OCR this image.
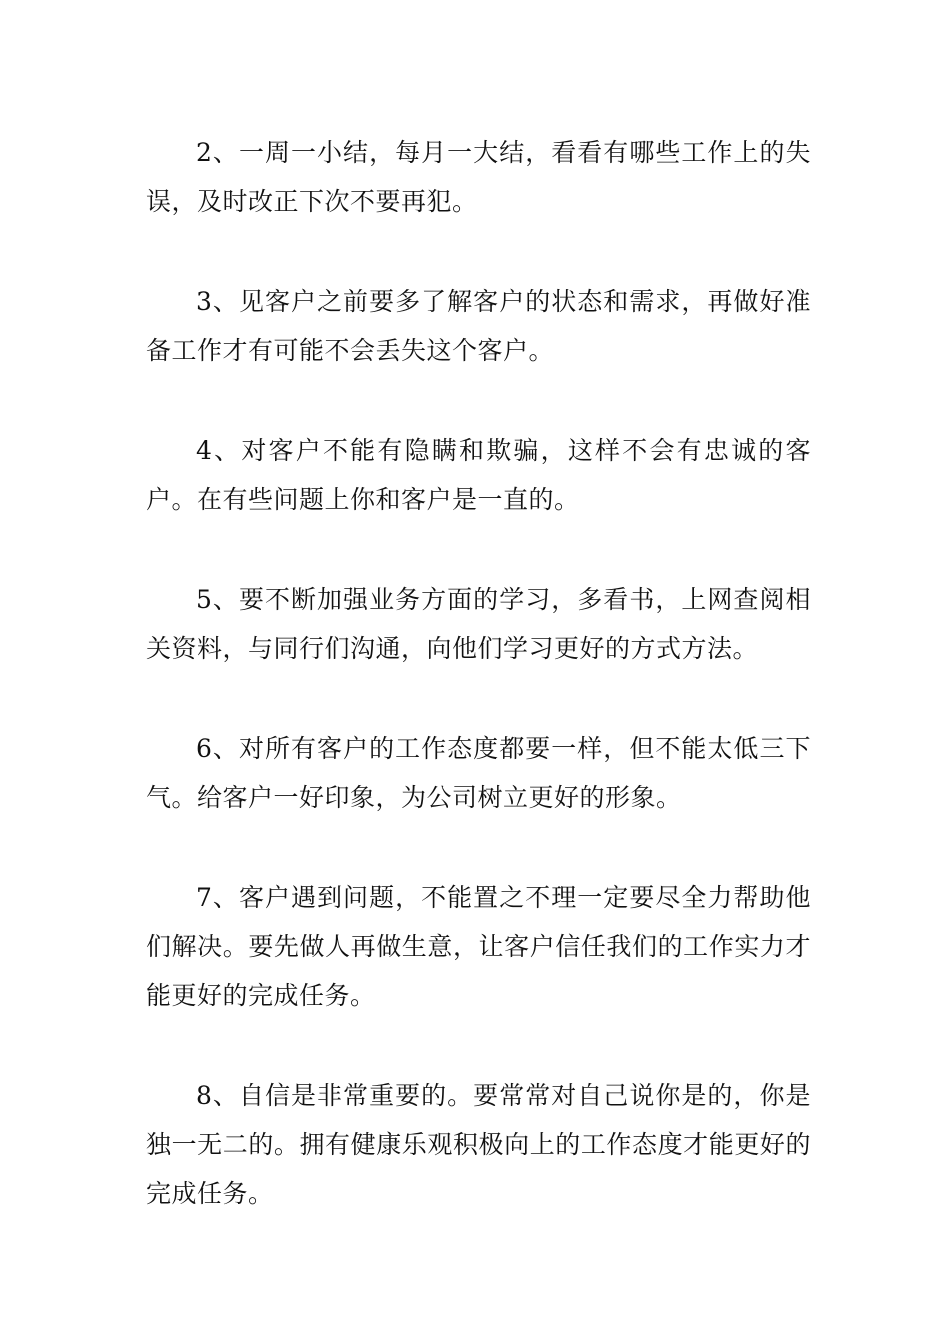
2、一周一小结，每月一大结，看看有哪些工作上的失误，及时改正下次不要再犯。

3、见客户之前要多了解客户的状态和需求，再做好准备工作才有可能不会丢失这个客户。

4、对客户不能有隐瞒和欺骗，这样不会有忠诚的客户。在有些问题上你和客户是一直的。

5、要不断加强业务方面的学习，多看书，上网查阅相关资料，与同行们沟通，向他们学习更好的方式方法。

6、对所有客户的工作态度都要一样，但不能太低三下气。给客户一好印象，为公司树立更好的形象。

7、客户遇到问题，不能置之不理一定要尽全力帮助他们解决。要先做人再做生意，让客户信任我们的工作实力才能更好的完成任务。

8、自信是非常重要的。要常常对自己说你是的，你是独一无二的。拥有健康乐观积极向上的工作态度才能更好的完成任务。
